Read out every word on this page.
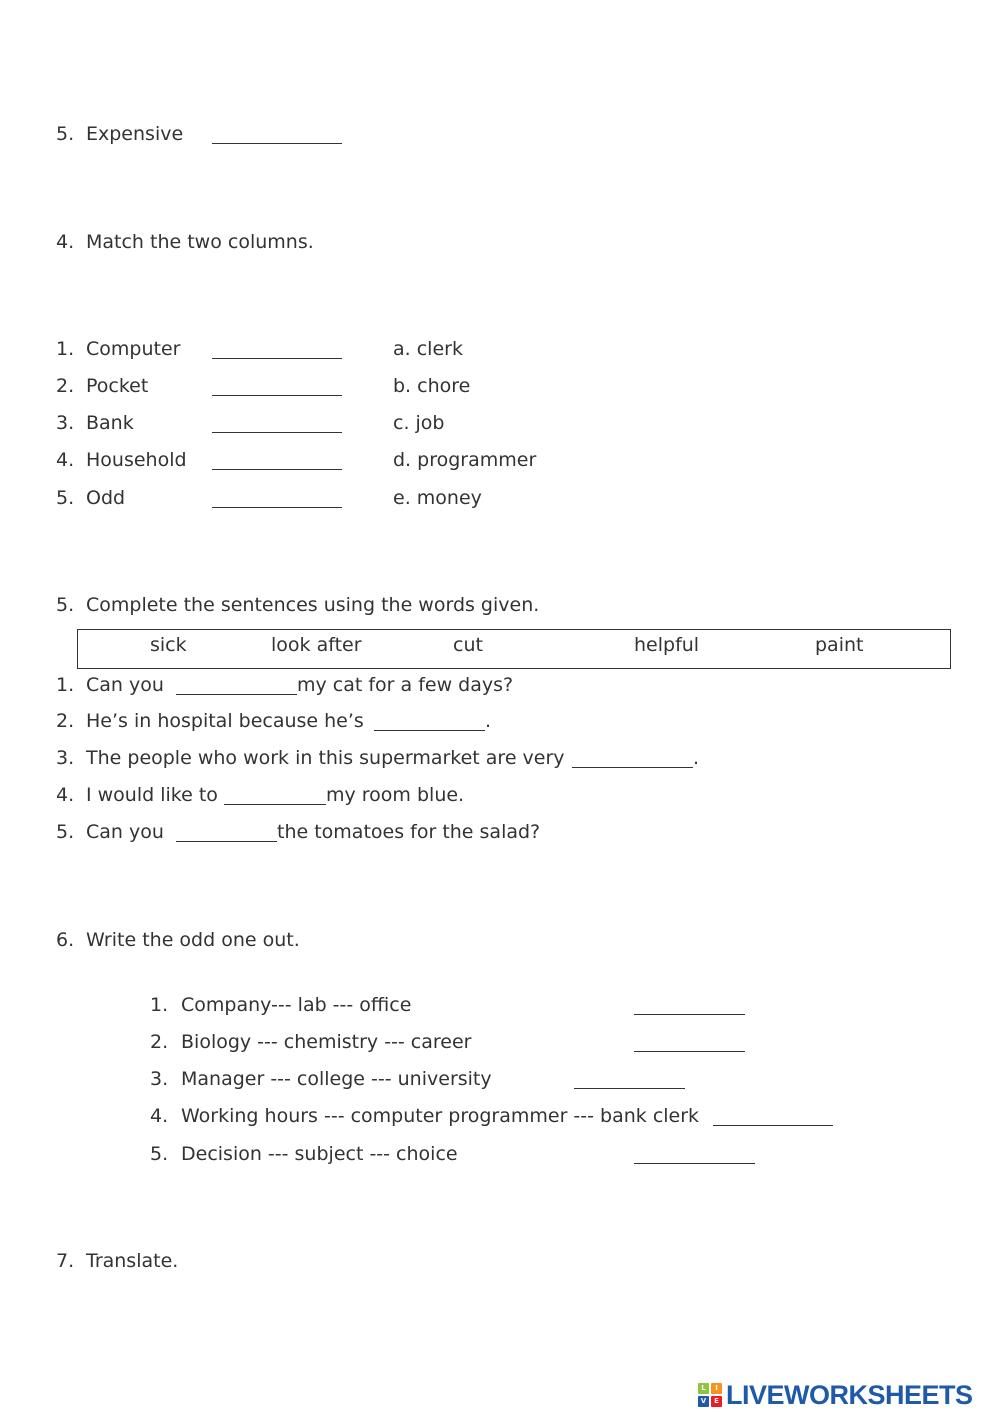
5. Expensive
4. Match the two columns.
1. Computer	a. clerk
2. Pocket	b. chore
3. Bank	c. job
4. Household	d. programmer
5. Odd	e. money
5. Complete the sentences using the words given.
sick	look after	cut	helpful	paint
1. Can you	my cat for a few days?
2. He’s in hospital because he’s	.
3. The people who work in this supermarket are very	.
4. I would like to	my room blue.
5. Can you	the tomatoes for the salad?
6. Write the odd one out.
1. Company--- lab --- office
2. Biology --- chemistry --- career
3. Manager --- college --- university
4. Working hours --- computer programmer --- bank clerk
5. Decision --- subject --- choice
7. Translate.
L	I
V	E LIVEWORKSHEETS
